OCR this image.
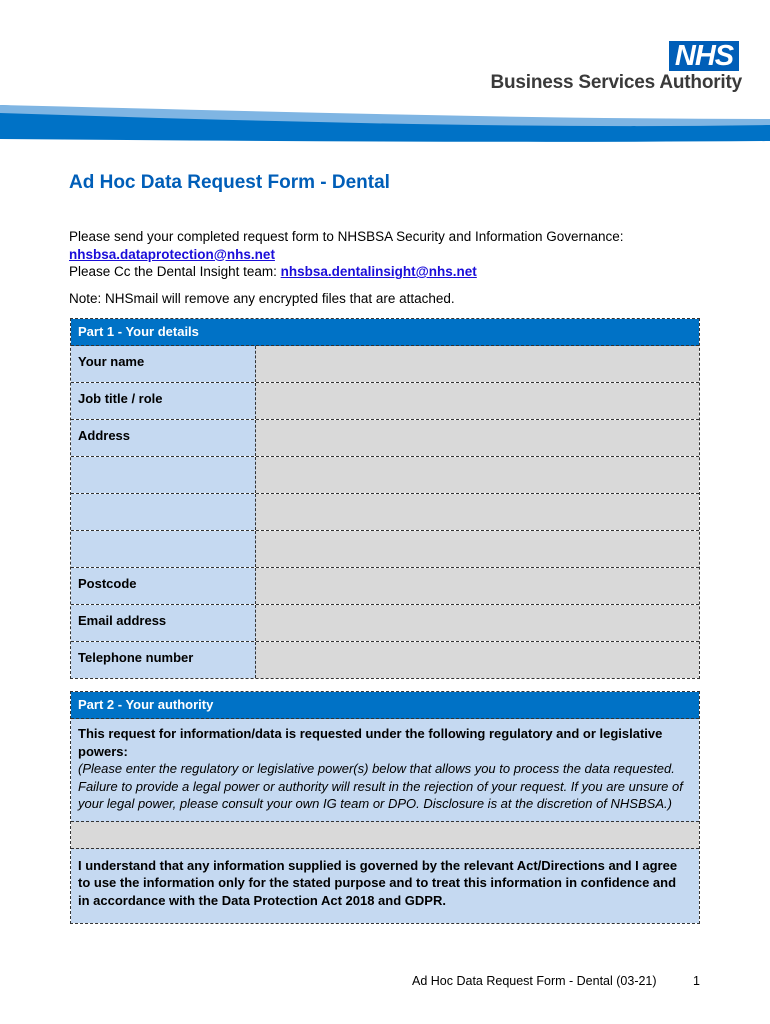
NHS
Business Services Authority
Ad Hoc Data Request Form - Dental
Please send your completed request form to NHSBSA Security and Information Governance:
nhsbsa.dataprotection@nhs.net
Please Cc the Dental Insight team: nhsbsa.dentalinsight@nhs.net
Note: NHSmail will remove any encrypted files that are attached.
Part 1 - Your details
Your name
Job title / role
Address
Postcode
Email address
Telephone number
Part 2 - Your authority
This request for information/data is requested under the following regulatory and or legislative powers:
(Please enter the regulatory or legislative power(s) below that allows you to process the data requested. Failure to provide a legal power or authority will result in the rejection of your request. If you are unsure of your legal power, please consult your own IG team or DPO. Disclosure is at the discretion of NHSBSA.)
I understand that any information supplied is governed by the relevant Act/Directions and I agree to use the information only for the stated purpose and to treat this information in confidence and in accordance with the Data Protection Act 2018 and GDPR.
Ad Hoc Data Request Form - Dental (03-21)	1
